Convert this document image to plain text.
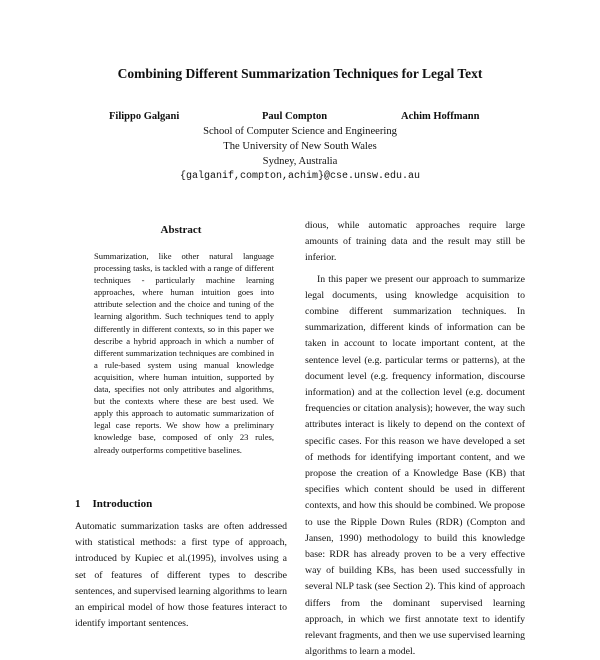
Combining Different Summarization Techniques for Legal Text
Filippo Galgani	Paul Compton	Achim Hoffmann
School of Computer Science and Engineering
The University of New South Wales
Sydney, Australia
{galganif,compton,achim}@cse.unsw.edu.au
Abstract

Summarization, like other natural language processing tasks, is tackled with a range of different techniques - particularly machine learning approaches, where human intuition goes into attribute selection and the choice and tuning of the learning algorithm. Such techniques tend to apply differently in different contexts, so in this paper we describe a hybrid approach in which a number of different summarization techniques are combined in a rule-based system using manual knowledge acquisition, where human intuition, supported by data, specifies not only attributes and algorithms, but the contexts where these are best used. We apply this approach to automatic summarization of legal case reports. We show how a preliminary knowledge base, composed of only 23 rules, already outperforms competitive baselines.

1 Introduction

Automatic summarization tasks are often addressed with statistical methods: a first type of approach, introduced by Kupiec et al.(1995), involves using a set of features of different types to describe sentences, and supervised learning algorithms to learn an empirical model of how those features interact to identify important sentences.

dious, while automatic approaches require large amounts of training data and the result may still be inferior.

In this paper we present our approach to summarize legal documents, using knowledge acquisition to combine different summarization techniques. In summarization, different kinds of information can be taken in account to locate important content, at the sentence level (e.g. particular terms or patterns), at the document level (e.g. frequency information, discourse information) and at the collection level (e.g. document frequencies or citation analysis); however, the way such attributes interact is likely to depend on the context of specific cases. For this reason we have developed a set of methods for identifying important content, and we propose the creation of a Knowledge Base (KB) that specifies which content should be used in different contexts, and how this should be combined. We propose to use the Ripple Down Rules (RDR) (Compton and Jansen, 1990) methodology to build this knowledge base: RDR has already proven to be a very effective way of building KBs, has been used successfully in several NLP task (see Section 2). This kind of approach differs from the dominant supervised learning approach, in which we first annotate text to identify relevant fragments, and then we use supervised learning algorithms to learn a model.
